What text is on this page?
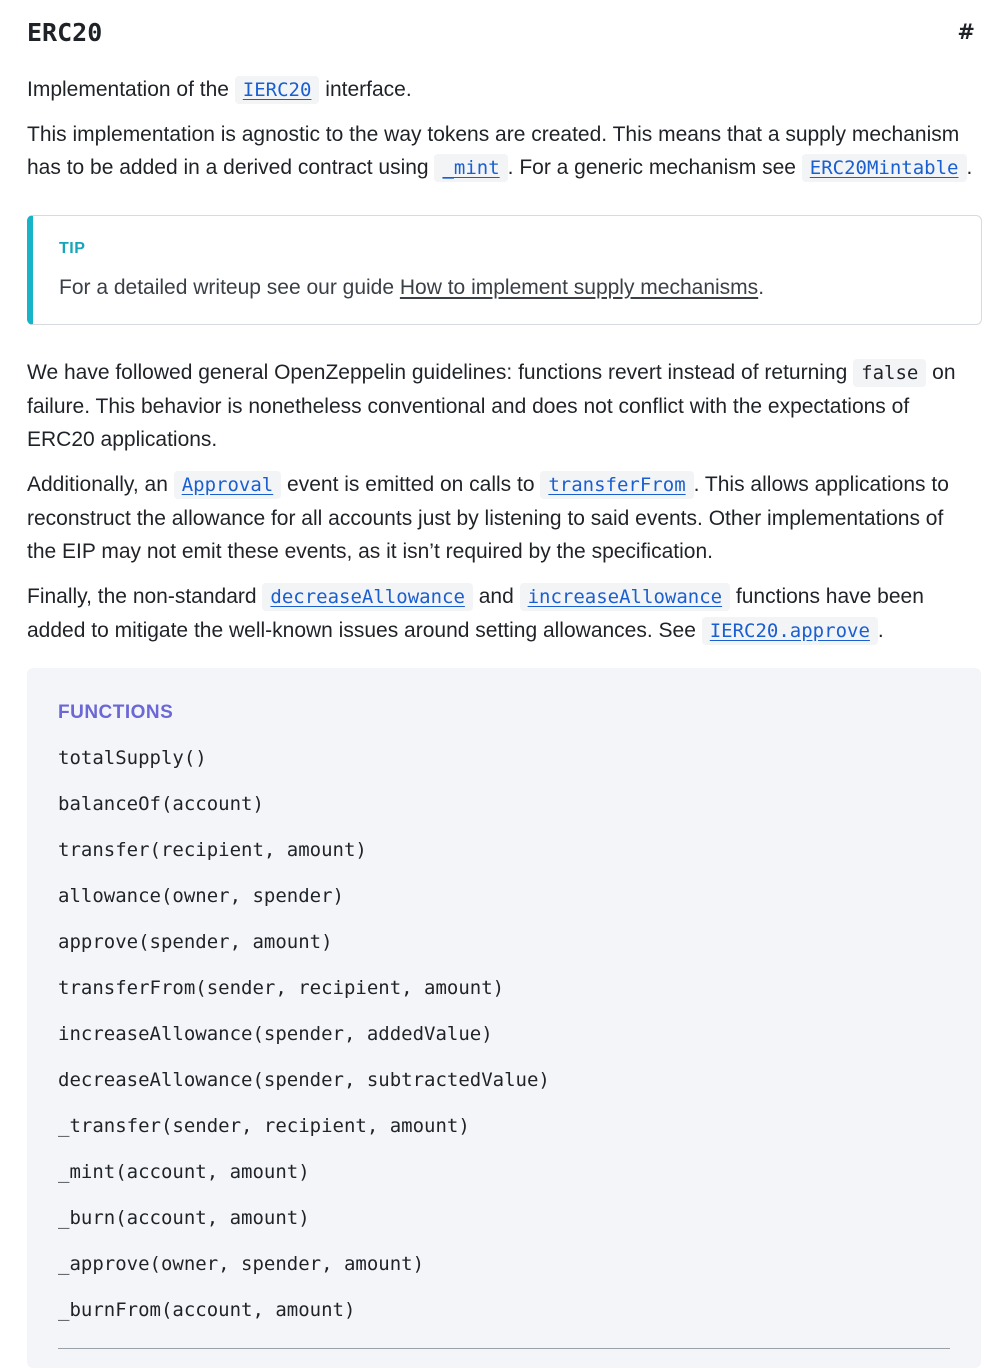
ERC20	#

Implementation of the IERC20 interface.

This implementation is agnostic to the way tokens are created. This means that a supply mechanism has to be added in a derived contract using _mint . For a generic mechanism see ERC20Mintable .

TIP
For a detailed writeup see our guide How to implement supply mechanisms.

We have followed general OpenZeppelin guidelines: functions revert instead of returning false on failure. This behavior is nonetheless conventional and does not conflict with the expectations of ERC20 applications.

Additionally, an Approval event is emitted on calls to transferFrom . This allows applications to reconstruct the allowance for all accounts just by listening to said events. Other implementations of the EIP may not emit these events, as it isn’t required by the specification.

Finally, the non-standard decreaseAllowance and increaseAllowance functions have been added to mitigate the well-known issues around setting allowances. See IERC20.approve .

FUNCTIONS
totalSupply()
balanceOf(account)
transfer(recipient, amount)
allowance(owner, spender)
approve(spender, amount)
transferFrom(sender, recipient, amount)
increaseAllowance(spender, addedValue)
decreaseAllowance(spender, subtractedValue)
_transfer(sender, recipient, amount)
_mint(account, amount)
_burn(account, amount)
_approve(owner, spender, amount)
_burnFrom(account, amount)
